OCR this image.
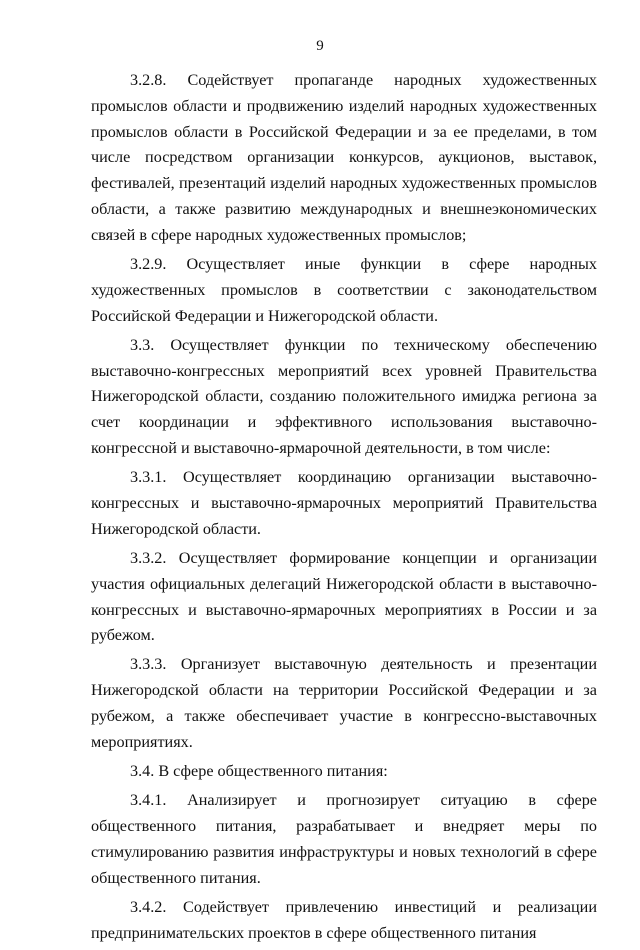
9

3.2.8. Содействует пропаганде народных художественных промыслов области и продвижению изделий народных художественных промыслов области в Российской Федерации и за ее пределами, в том числе посредством организации конкурсов, аукционов, выставок, фестивалей, презентаций изделий народных художественных промыслов области, а также развитию международных и внешнеэкономических связей в сфере народных художественных промыслов;

3.2.9. Осуществляет иные функции в сфере народных художественных промыслов в соответствии с законодательством Российской Федерации и Нижегородской области.

3.3. Осуществляет функции по техническому обеспечению выставочно-конгрессных мероприятий всех уровней Правительства Нижегородской области, созданию положительного имиджа региона за счет координации и эффективного использования выставочно-конгрессной и выставочно-ярмарочной деятельности, в том числе:

3.3.1. Осуществляет координацию организации выставочно-конгрессных и выставочно-ярмарочных мероприятий Правительства Нижегородской области.

3.3.2. Осуществляет формирование концепции и организации участия официальных делегаций Нижегородской области в выставочно-конгрессных и выставочно-ярмарочных мероприятиях в России и за рубежом.

3.3.3. Организует выставочную деятельность и презентации Нижегородской области на территории Российской Федерации и за рубежом, а также обеспечивает участие в конгрессно-выставочных мероприятиях.

3.4. В сфере общественного питания:

3.4.1. Анализирует и прогнозирует ситуацию в сфере общественного питания, разрабатывает и внедряет меры по стимулированию развития инфраструктуры и новых технологий в сфере общественного питания.

3.4.2. Содействует привлечению инвестиций и реализации предпринимательских проектов в сфере общественного питания
